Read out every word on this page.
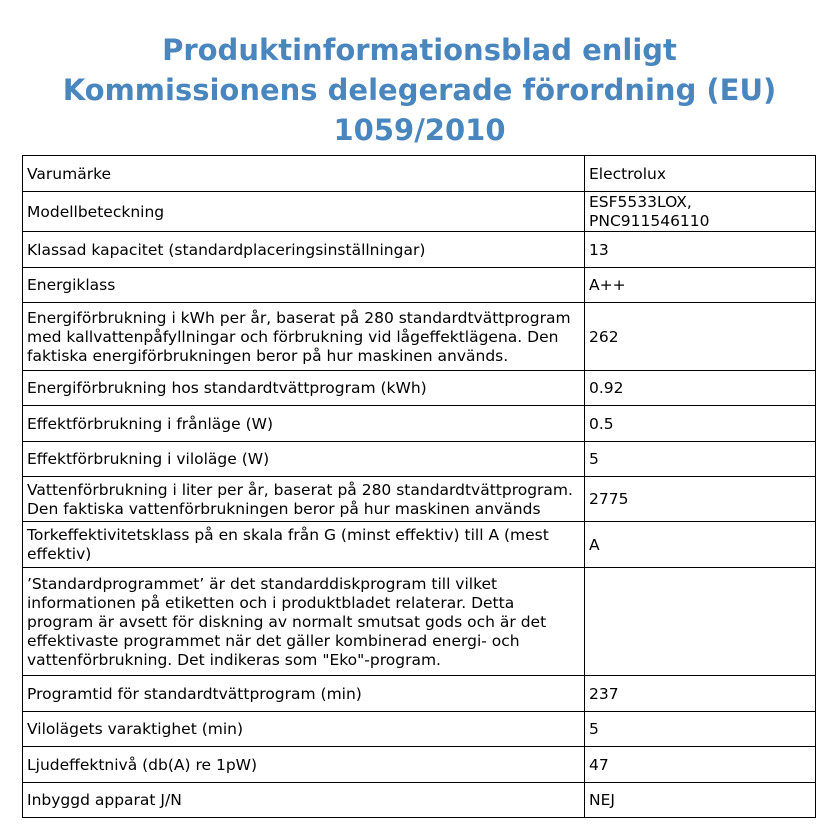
Produktinformationsblad enligt
Kommissionens delegerade förordning (EU)
1059/2010
Varumärke	Electrolux
Modellbeteckning	ESF5533LOX, PNC911546110
Klassad kapacitet (standardplaceringsinställningar)	13
Energiklass	A++
Energiförbrukning i kWh per år, baserat på 280 standardtvättprogram med kallvattenpåfyllningar och förbrukning vid lågeffektlägena. Den faktiska energiförbrukningen beror på hur maskinen används.	262
Energiförbrukning hos standardtvättprogram (kWh)	0.92
Effektförbrukning i frånläge (W)	0.5
Effektförbrukning i viloläge (W)	5
Vattenförbrukning i liter per år, baserat på 280 standardtvättprogram. Den faktiska vattenförbrukningen beror på hur maskinen används	2775
Torkeffektivitetsklass på en skala från G (minst effektiv) till A (mest effektiv)	A
’Standardprogrammet’ är det standarddiskprogram till vilket informationen på etiketten och i produktbladet relaterar. Detta program är avsett för diskning av normalt smutsat gods och är det effektivaste programmet när det gäller kombinerad energi- och vattenförbrukning. Det indikeras som "Eko"-program.	
Programtid för standardtvättprogram (min)	237
Vilolägets varaktighet (min)	5
Ljudeffektnivå (db(A) re 1pW)	47
Inbyggd apparat J/N	NEJ
